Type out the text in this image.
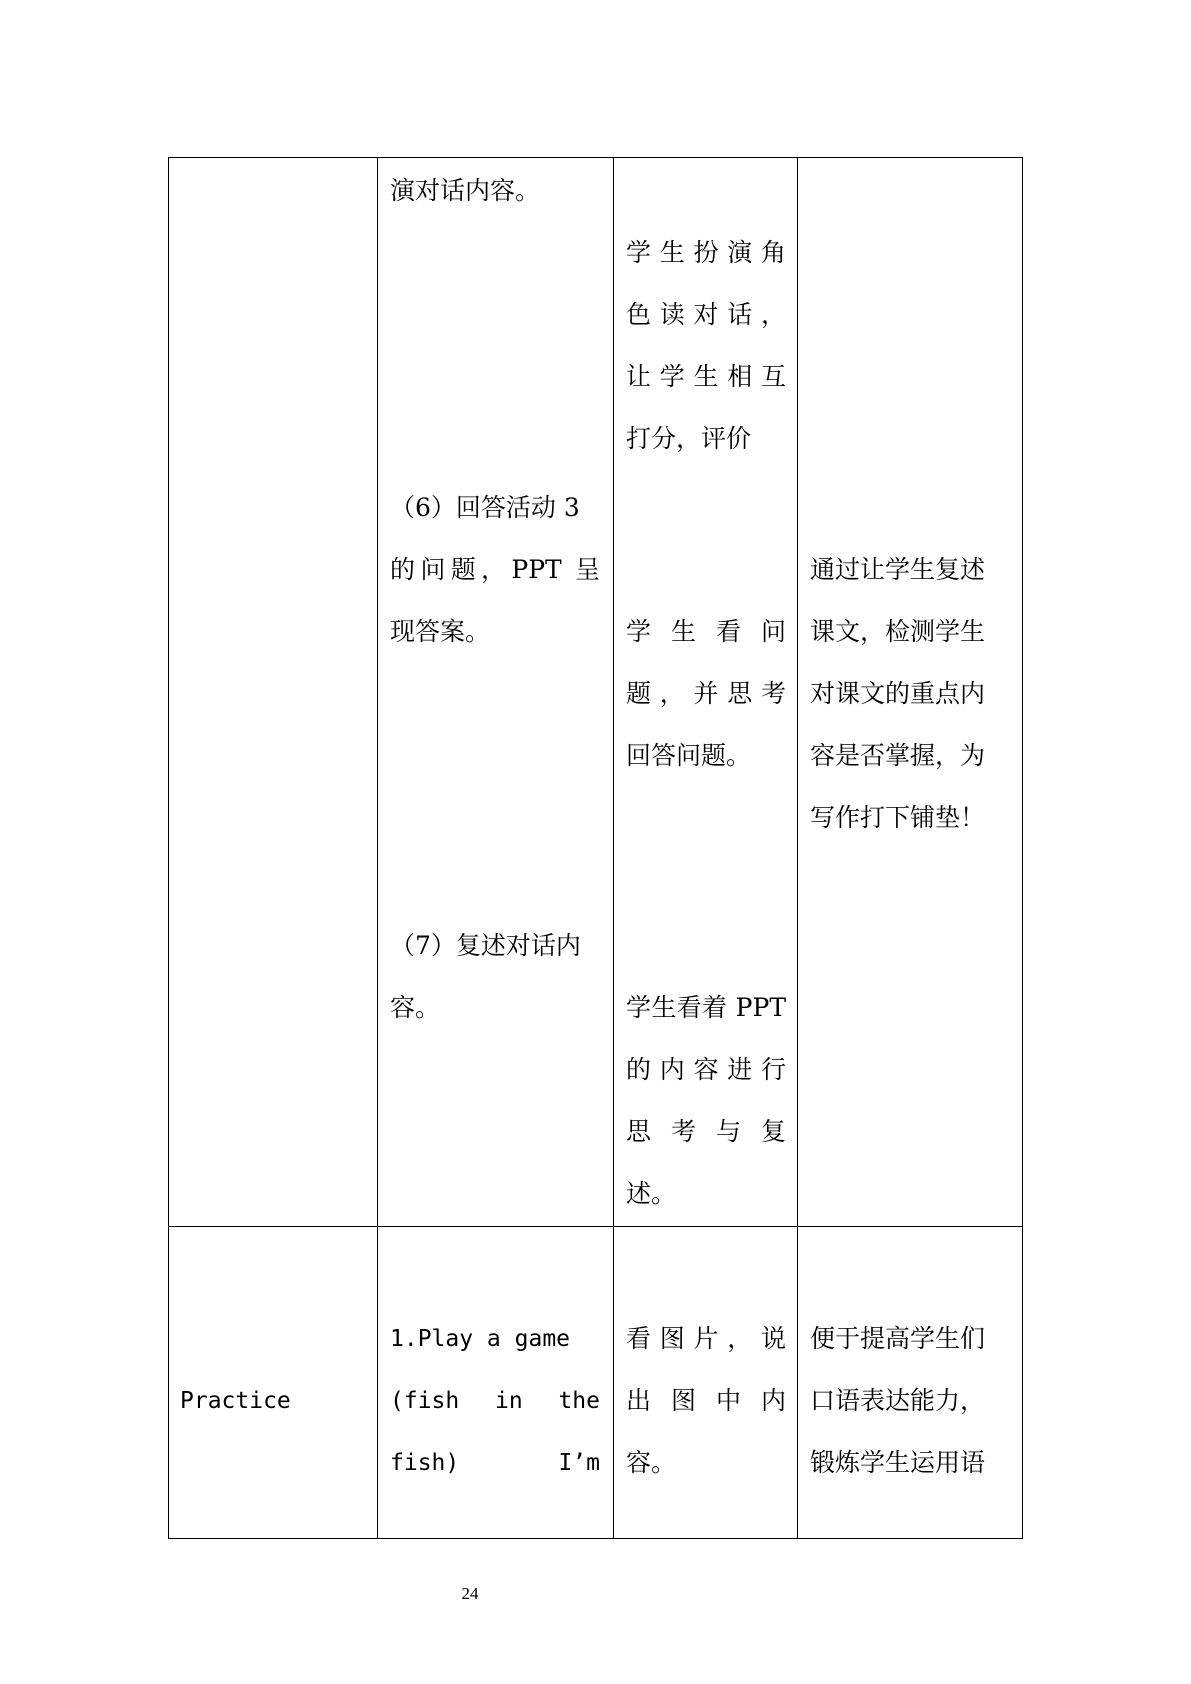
演对话内容。
（6）回答活动 3
的问题，PPT 呈
现答案。
（7）复述对话内
容。
学生扮演角
色读对话，
让学生相互
打分，评价
学生看问
题，并思考
回答问题。
学生看着 PPT
的内容进行
思考与复
述。
通过让学生复述
课文，检测学生
对课文的重点内
容是否掌握，为
写作打下铺垫！
Practice
1.Play a game
(fish in the
fish) I’m
看图片，说
出图中内
容。
便于提高学生们
口语表达能力，
锻炼学生运用语
24
